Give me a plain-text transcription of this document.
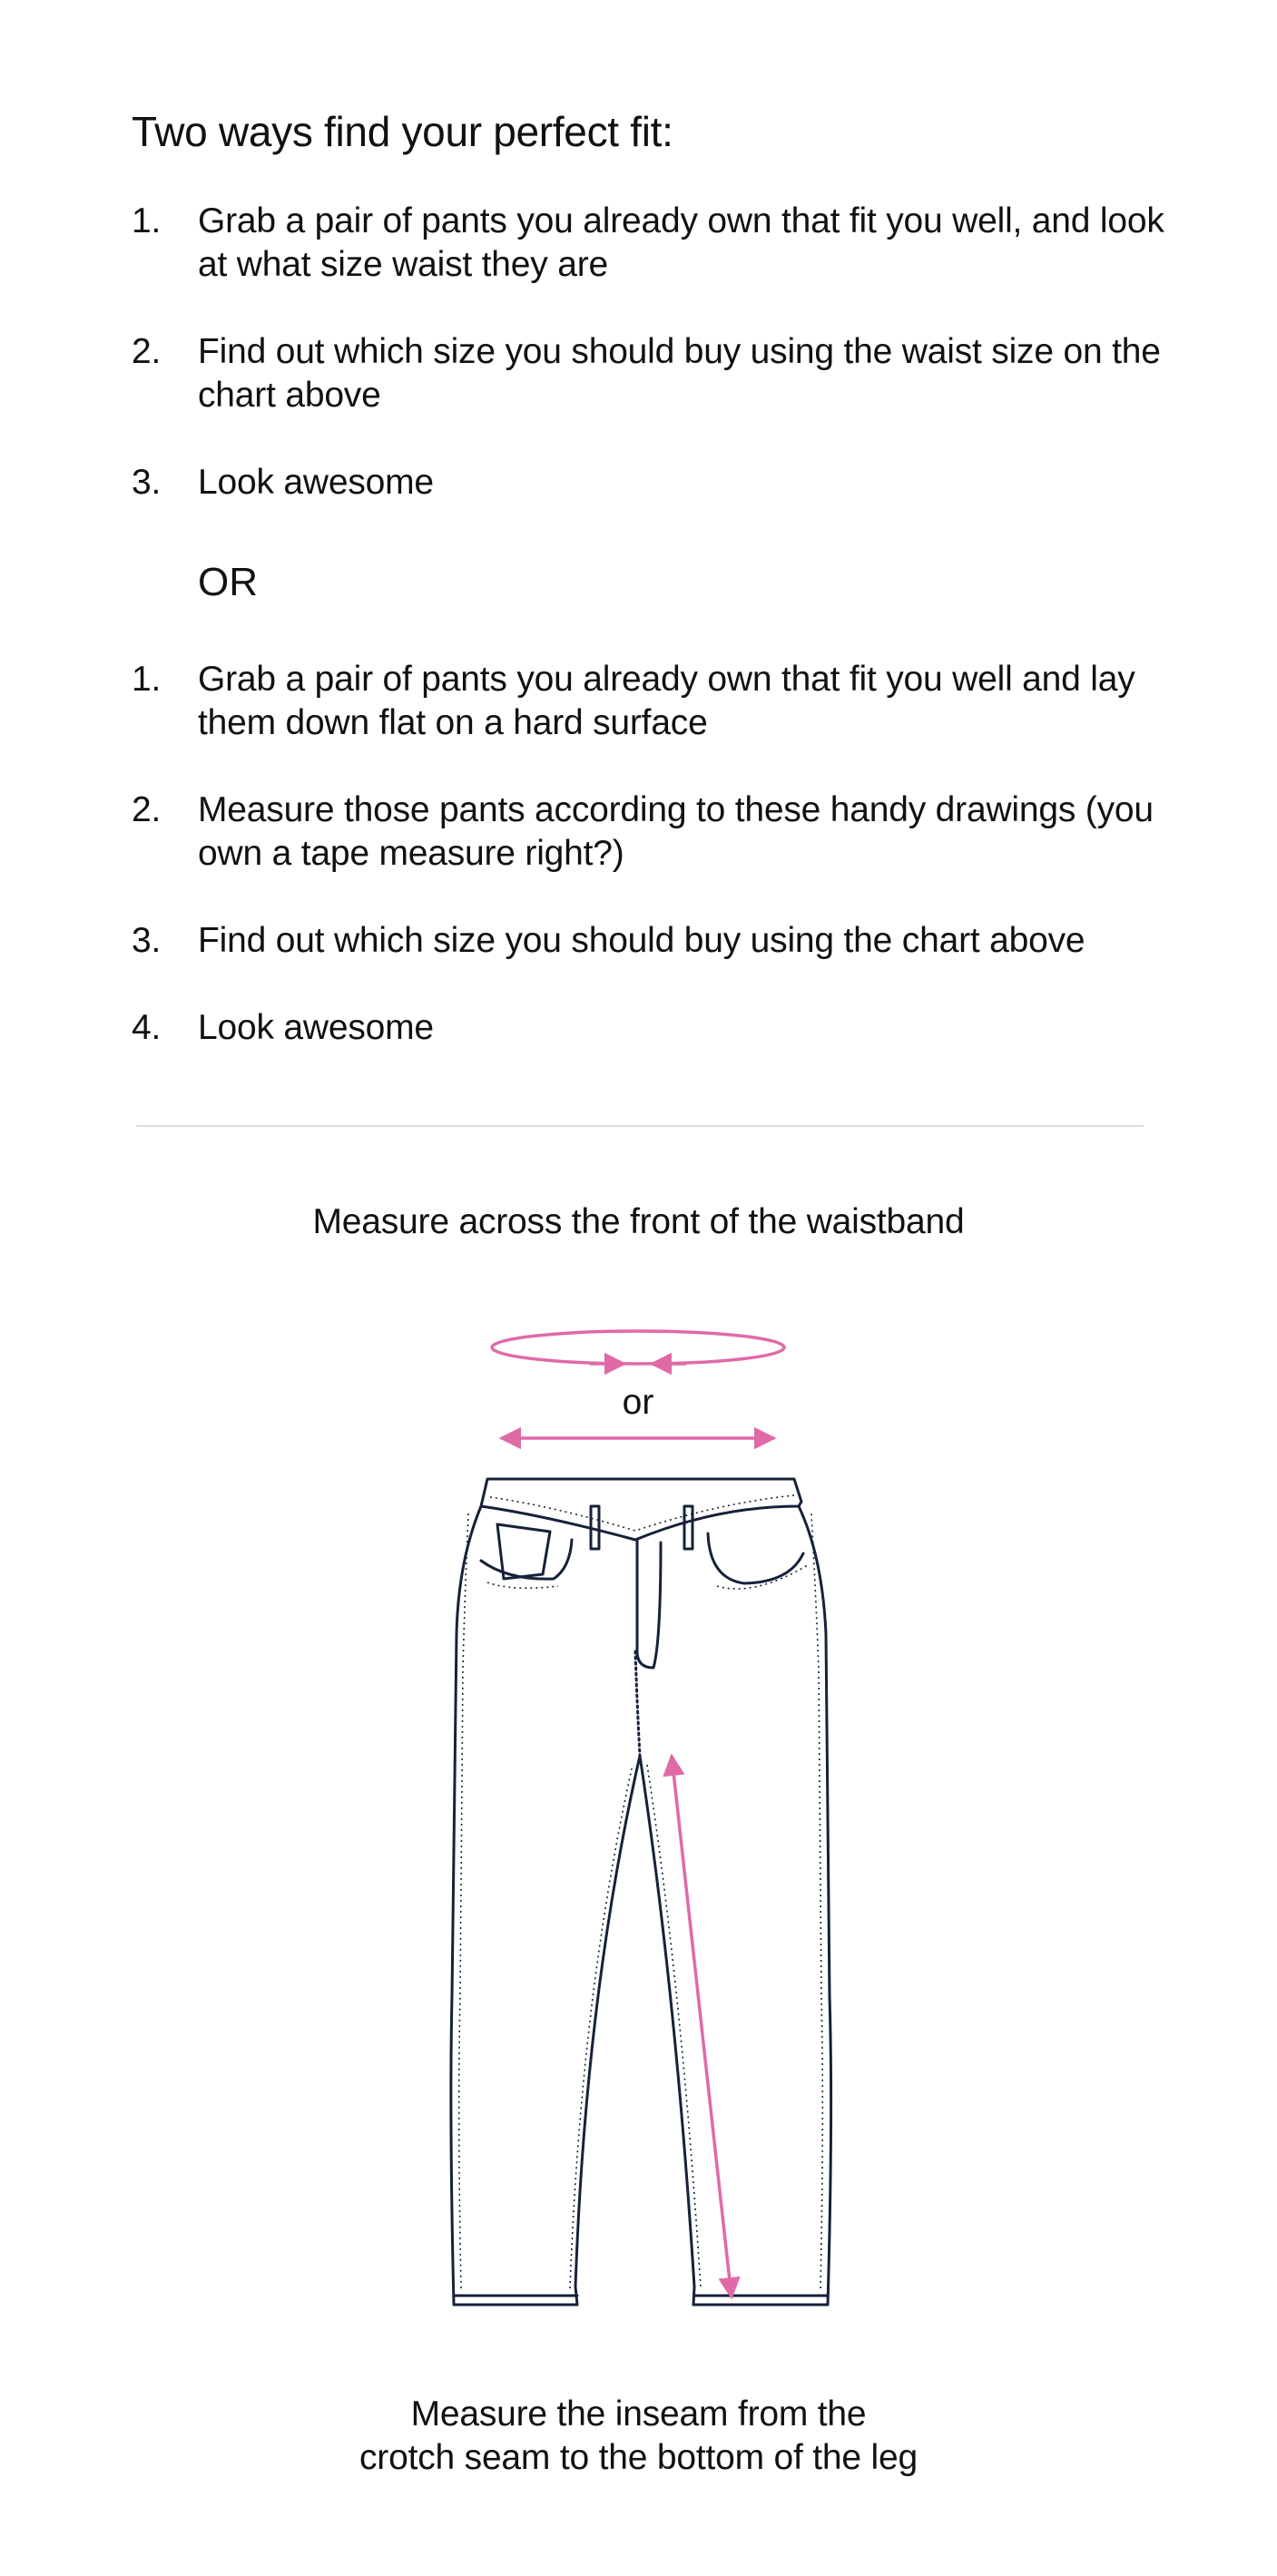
Two ways find your perfect fit:
1. Grab a pair of pants you already own that fit you well, and look at what size waist they are
2. Find out which size you should buy using the waist size on the chart above
3. Look awesome
OR
1. Grab a pair of pants you already own that fit you well and lay them down flat on a hard surface
2. Measure those pants according to these handy drawings (you own a tape measure right?)
3. Find out which size you should buy using the chart above
4. Look awesome
Measure across the front of the waistband
or
Measure the inseam from the
crotch seam to the bottom of the leg
